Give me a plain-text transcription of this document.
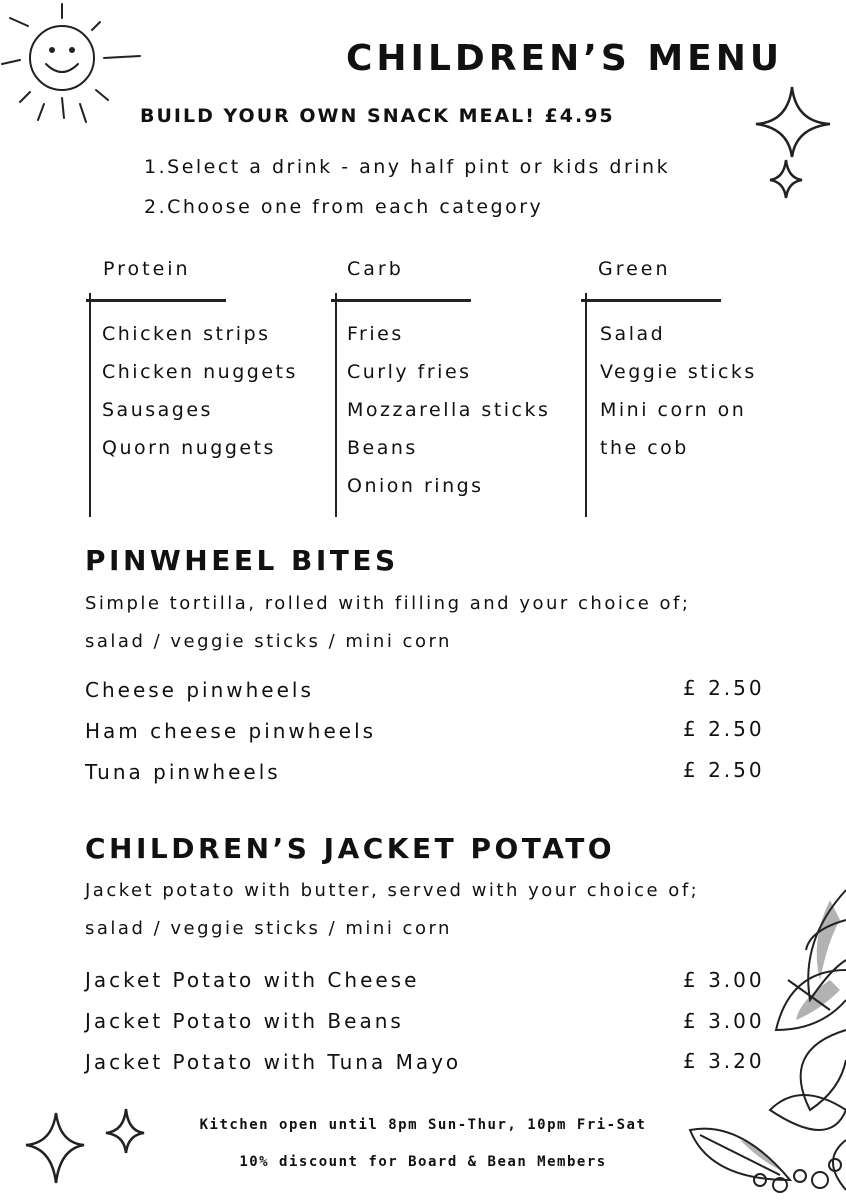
CHILDREN’S MENU
BUILD YOUR OWN SNACK MEAL! £4.95
1.Select a drink - any half pint or kids drink
2.Choose one from each category
Protein
Chicken strips
Chicken nuggets
Sausages
Quorn nuggets
Carb
Fries
Curly fries
Mozzarella sticks
Beans
Onion rings
Green
Salad
Veggie sticks
Mini corn on
the cob
PINWHEEL BITES
Simple tortilla, rolled with filling and your choice of;
salad / veggie sticks / mini corn
Cheese pinwheels	£ 2.50
Ham cheese pinwheels	£ 2.50
Tuna pinwheels	£ 2.50
CHILDREN’S JACKET POTATO
Jacket potato with butter, served with your choice of;
salad / veggie sticks / mini corn
Jacket Potato with Cheese	£ 3.00
Jacket Potato with Beans	£ 3.00
Jacket Potato with Tuna Mayo	£ 3.20
Kitchen open until 8pm Sun-Thur, 10pm Fri-Sat
10% discount for Board & Bean Members
